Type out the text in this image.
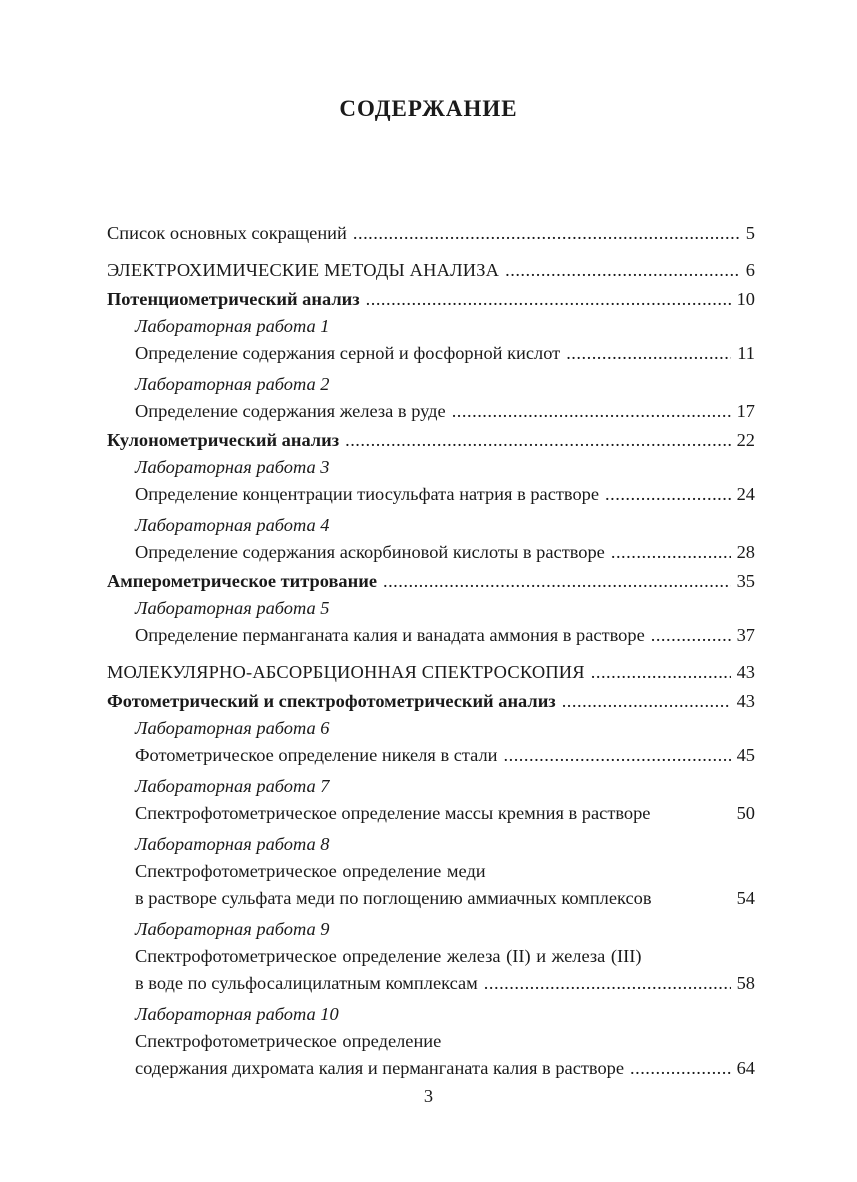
СОДЕРЖАНИЕ
Список основных сокращений .....	5
ЭЛЕКТРОХИМИЧЕСКИЕ МЕТОДЫ АНАЛИЗА .....	6
Потенциометрический анализ .....	10
Лабораторная работа 1
Определение содержания серной и фосфорной кислот .....	11
Лабораторная работа 2
Определение содержания железа в руде .....	17
Кулонометрический анализ .....	22
Лабораторная работа 3
Определение концентрации тиосульфата натрия в растворе .....	24
Лабораторная работа 4
Определение содержания аскорбиновой кислоты в растворе .....	28
Амперометрическое титрование .....	35
Лабораторная работа 5
Определение перманганата калия и ванадата аммония в растворе .....	37
МОЛЕКУЛЯРНО-АБСОРБЦИОННАЯ СПЕКТРОСКОПИЯ .....	43
Фотометрический и спектрофотометрический анализ .....	43
Лабораторная работа 6
Фотометрическое определение никеля в стали .....	45
Лабораторная работа 7
Спектрофотометрическое определение массы кремния в растворе	50
Лабораторная работа 8
Спектрофотометрическое определение меди
в растворе сульфата меди по поглощению аммиачных комплексов	54
Лабораторная работа 9
Спектрофотометрическое определение железа (II) и железа (III)
в воде по сульфосалицилатным комплексам .....	58
Лабораторная работа 10
Спектрофотометрическое определение
содержания дихромата калия и перманганата калия в растворе .....	64
3
